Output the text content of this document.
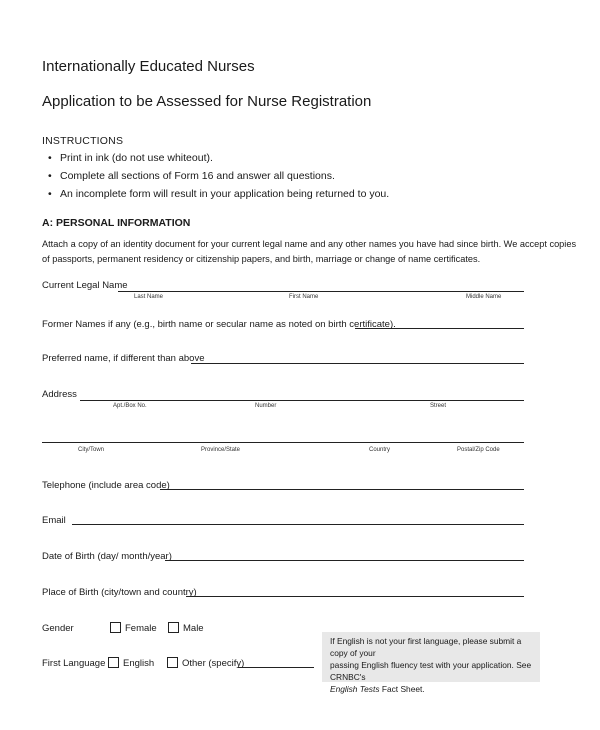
Internationally Educated Nurses
Application to be Assessed for Nurse Registration
INSTRUCTIONS
• Print in ink (do not use whiteout).
• Complete all sections of Form 16 and answer all questions.
• An incomplete form will result in your application being returned to you.
A: PERSONAL INFORMATION
Attach a copy of an identity document for your current legal name and any other names you have had since birth. We accept copies
of passports, permanent residency or citizenship papers, and birth, marriage or change of name certificates.
Current Legal Name
Last Name	First Name	Middle Name
Former Names if any (e.g., birth name or secular name as noted on birth certificate).
Preferred name, if different than above
Address
Apt./Box No.	Number	Street
City/Town	Province/State	Country	Postal/Zip Code
Telephone (include area code)
Email
Date of Birth (day/ month/year)
Place of Birth (city/town and country)
Gender	Female	Male
First Language English	Other (specify)
If English is not your first language, please submit a copy of your
passing English fluency test with your application. See CRNBC's
English Tests Fact Sheet.
